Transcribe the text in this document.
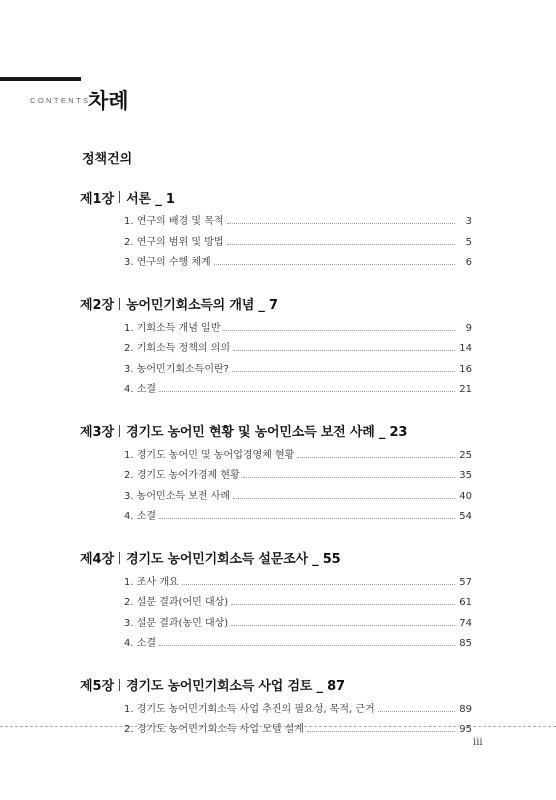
CONTENTS
차례
정책건의
제1장 서론 _ 1
1. 연구의 배경 및 목적	3
2. 연구의 범위 및 방법	5
3. 연구의 수행 체계	6
제2장 농어민기회소득의 개념 _ 7
1. 기회소득 개념 일반	9
2. 기회소득 정책의 의의	14
3. 농어민기회소득이란?	16
4. 소결	21
제3장 경기도 농어민 현황 및 농어민소득 보전 사례 _ 23
1. 경기도 농어민 및 농어업경영체 현황	25
2. 경기도 농어가경제 현황	35
3. 농어민소득 보전 사례	40
4. 소결	54
제4장 경기도 농어민기회소득 설문조사 _ 55
1. 조사 개요	57
2. 설문 결과(어민 대상)	61
3. 설문 결과(농민 대상)	74
4. 소결	85
제5장 경기도 농어민기회소득 사업 검토 _ 87
1. 경기도 농어민기회소득 사업 추진의 필요성, 목적, 근거	89
2. 경기도 농어민기회소득 사업 모델 설계	95
iii
